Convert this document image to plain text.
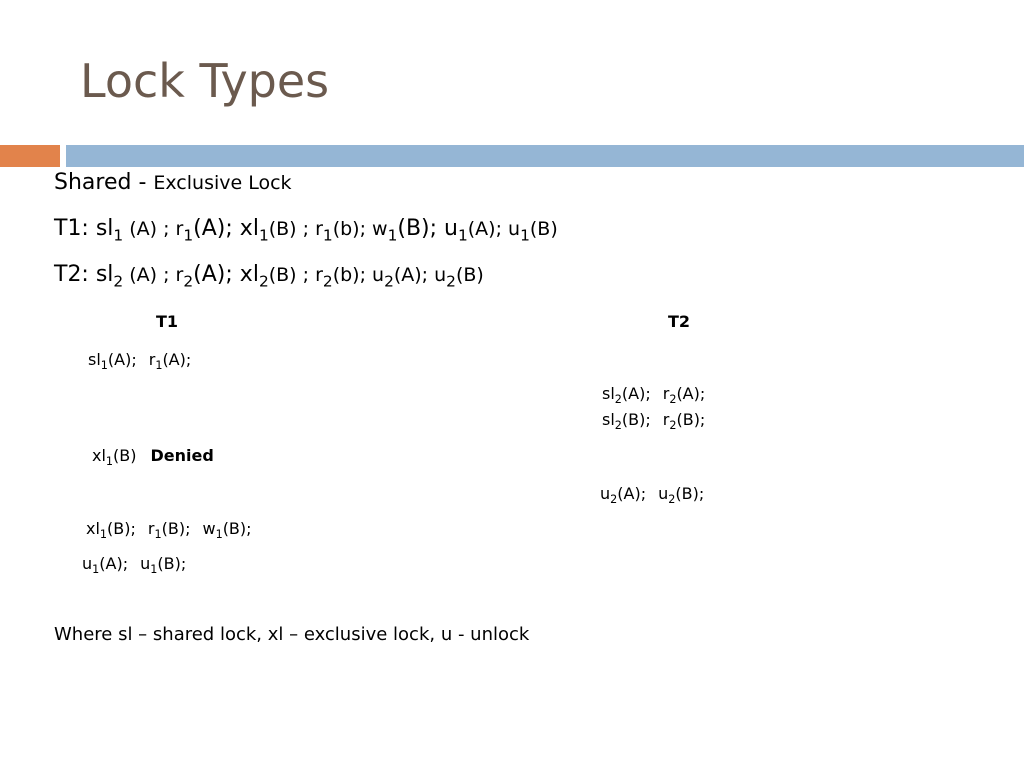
Lock Types
Shared - Exclusive Lock
T1: $sl_1$ (A) ; $r_1(A)$; $xl_1(B)$ ; $r_1(b)$; $w_1(B)$; $u_1(A)$; $u_1(B)$
T2: $sl_2$ (A) ; $r_2(A)$; $xl_2(B)$ ; $r_2(b)$; $u_2(A)$; $u_2(B)$
T1	T2
$sl_1(A)$; $r_1(A)$;
$sl_2(A)$; $r_2(A)$;
$sl_2(B)$; $r_2(B)$;
$xl_1(B)$ Denied
$u_2(A)$; $u_2(B)$;
$xl_1(B)$; $r_1(B)$; $w_1(B)$;
$u_1(A)$; $u_1(B)$;
Where sl – shared lock, xl – exclusive lock, u - unlock
